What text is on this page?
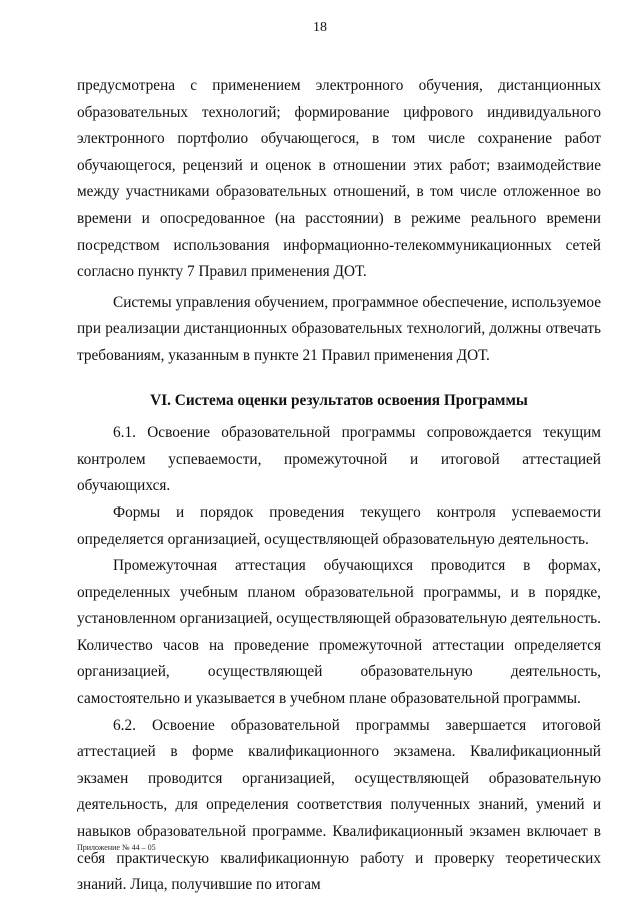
18

предусмотрена с применением электронного обучения, дистанционных образовательных технологий; формирование цифрового индивидуального электронного портфолио обучающегося, в том числе сохранение работ обучающегося, рецензий и оценок в отношении этих работ; взаимодействие между участниками образовательных отношений, в том числе отложенное во времени и опосредованное (на расстоянии) в режиме реального времени посредством использования информационно-телекоммуникационных сетей согласно пункту 7 Правил применения ДОТ.

Системы управления обучением, программное обеспечение, используемое при реализации дистанционных образовательных технологий, должны отвечать требованиям, указанным в пункте 21 Правил применения ДОТ.

VI. Система оценки результатов освоения Программы

6.1. Освоение образовательной программы сопровождается текущим контролем успеваемости, промежуточной и итоговой аттестацией обучающихся.

Формы и порядок проведения текущего контроля успеваемости определяется организацией, осуществляющей образовательную деятельность.

Промежуточная аттестация обучающихся проводится в формах, определенных учебным планом образовательной программы, и в порядке, установленном организацией, осуществляющей образовательную деятельность. Количество часов на проведение промежуточной аттестации определяется организацией, осуществляющей образовательную деятельность, самостоятельно и указывается в учебном плане образовательной программы.

6.2. Освоение образовательной программы завершается итоговой аттестацией в форме квалификационного экзамена. Квалификационный экзамен проводится организацией, осуществляющей образовательную деятельность, для определения соответствия полученных знаний, умений и навыков образовательной программе. Квалификационный экзамен включает в себя практическую квалификационную работу и проверку теоретических знаний. Лица, получившие по итогам

Приложение № 44 – 05
